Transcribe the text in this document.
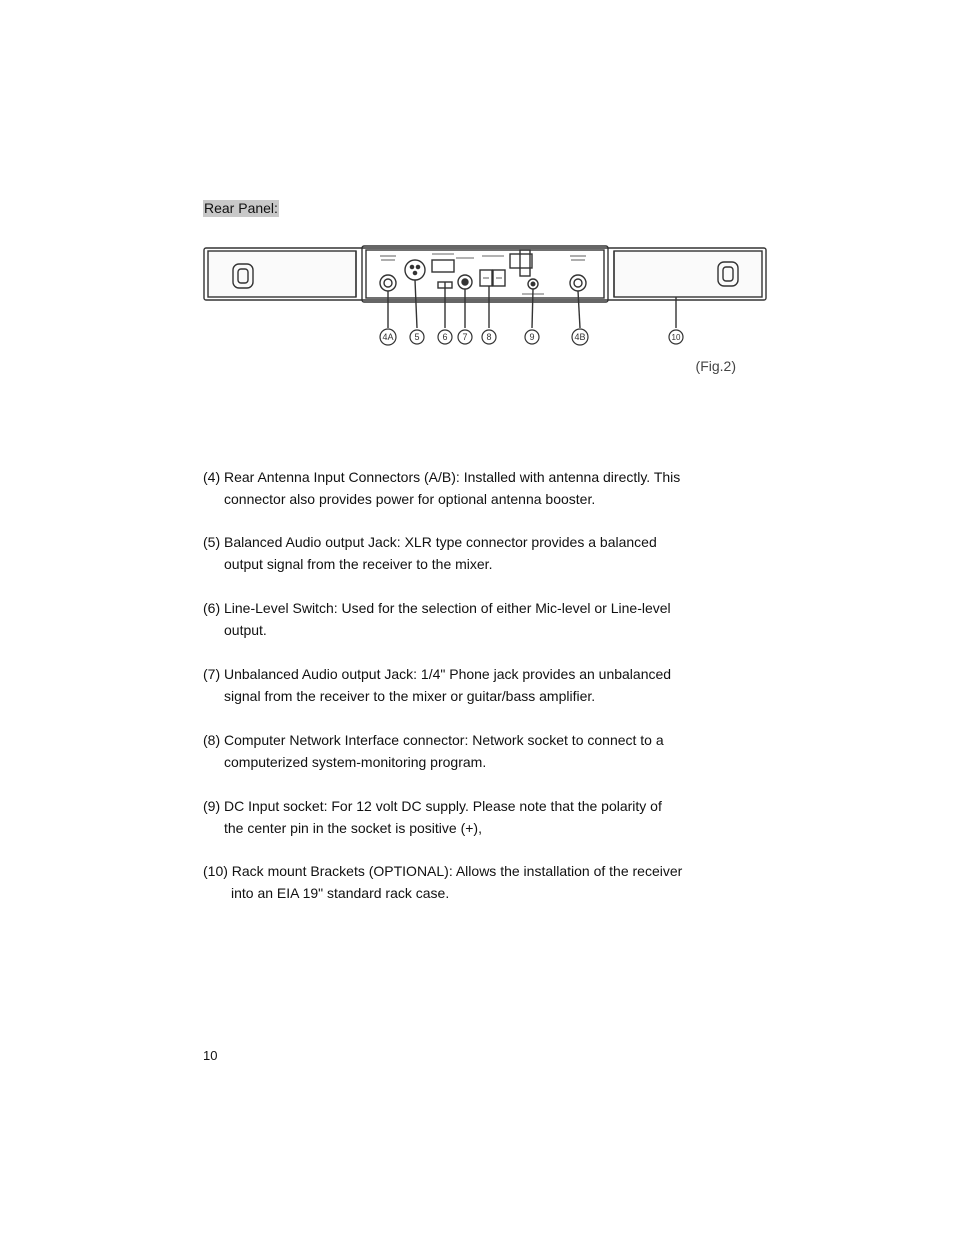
Rear Panel:
4A 5	6 7 8	9	4B	10
(Fig.2)

(4) Rear Antenna Input Connectors (A/B): Installed with antenna directly. This

connector also provides power for optional antenna booster.

(5) Balanced Audio output Jack: XLR type connector provides a balanced

output signal from the receiver to the mixer.

(6) Line-Level Switch: Used for the selection of either Mic-level or Line-level

output.

(7) Unbalanced Audio output Jack: 1/4" Phone jack provides an unbalanced

signal from the receiver to the mixer or guitar/bass amplifier.

(8) Computer Network Interface connector: Network socket to connect to a

computerized system-monitoring program.

(9) DC Input socket: For 12 volt DC supply. Please note that the polarity of

the center pin in the socket is positive (+),

(10) Rack mount Brackets (OPTIONAL): Allows the installation of the receiver

into an EIA 19" standard rack case.

10
